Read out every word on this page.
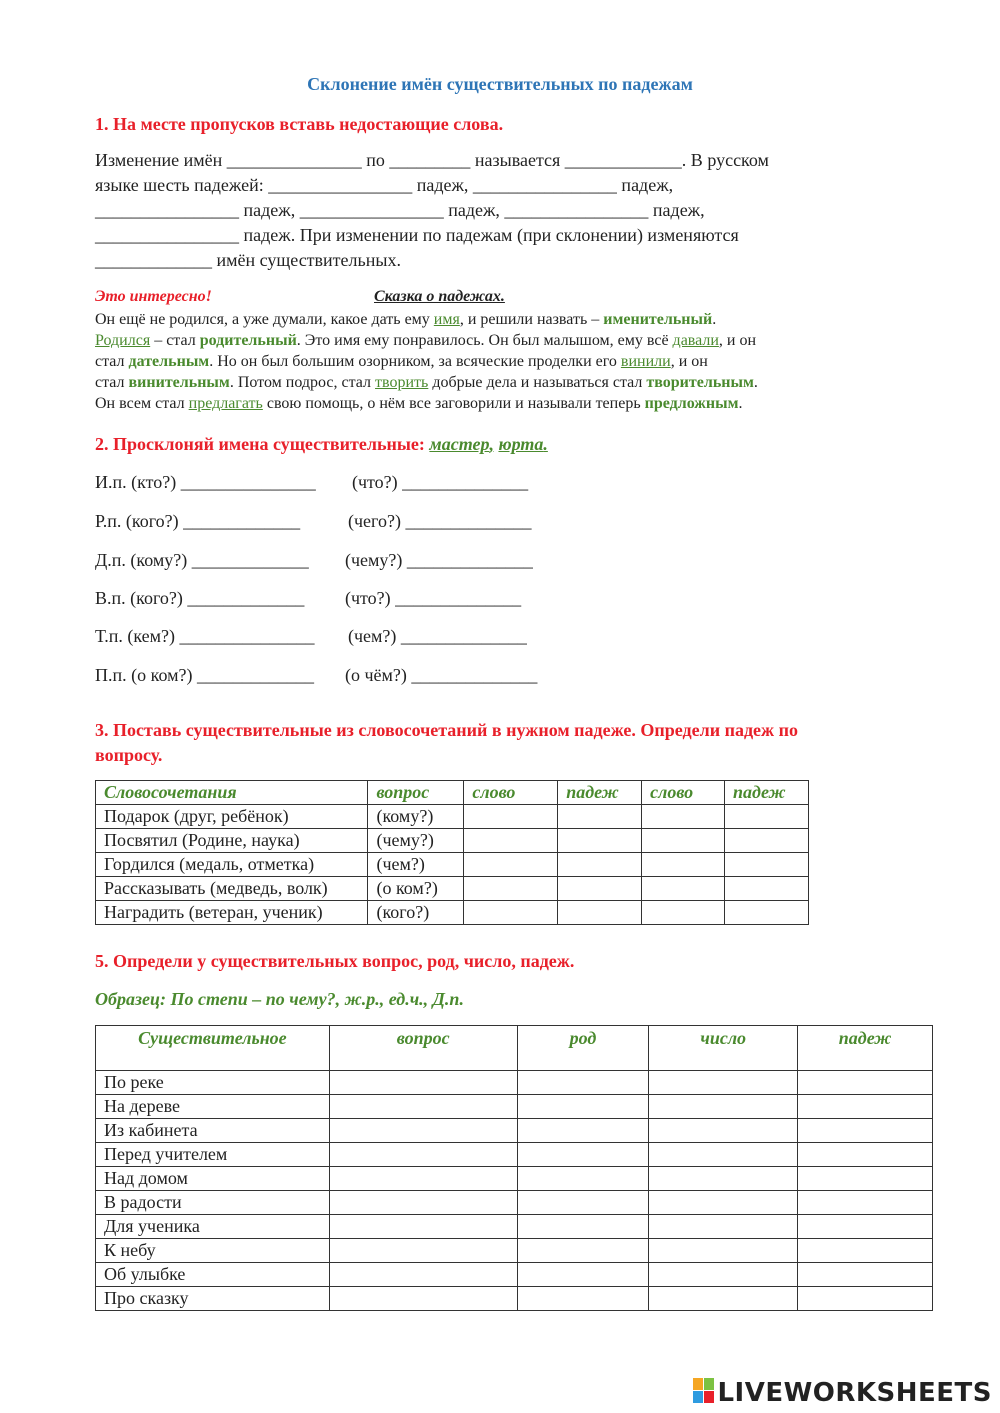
Склонение имён существительных по падежам
1. На месте пропусков вставь недостающие слова.
Изменение имён _______________ по _________ называется _____________. В русском
языке шесть падежей: ________________ падеж, ________________ падеж,
________________ падеж, ________________ падеж, ________________ падеж,
________________ падеж. При изменении по падежам (при склонении) изменяются
_____________ имён существительных.
Это интересно!	Сказка о падежах.
Он ещё не родился, а уже думали, какое дать ему имя, и решили назвать – именительный.
Родился – стал родительный. Это имя ему понравилось. Он был малышом, ему всё давали, и он
стал дательным. Но он был большим озорником, за всяческие проделки его винили, и он
стал винительным. Потом подрос, стал творить добрые дела и называться стал творительным.
Он всем стал предлагать свою помощь, о нём все заговорили и называли теперь предложным.
2. Просклоняй имена существительные: мастер, юрта.
И.п. (кто?) _______________ (что?) ______________
Р.п. (кого?) _____________	(чего?) ______________
Д.п. (кому?) _____________ (чему?) ______________
В.п. (кого?) _____________ (что?) ______________
Т.п. (кем?) _______________ (чем?) ______________
П.п. (о ком?) _____________ (о чём?) ______________
3. Поставь существительные из словосочетаний в нужном падеже. Определи падеж по
вопросу.
Словосочетания	вопрос	слово	падеж	слово	падеж
Подарок (друг, ребёнок)	(кому?)				
Посвятил (Родине, наука)	(чему?)				
Гордился (медаль, отметка)	(чем?)				
Рассказывать (медведь, волк)	(о ком?)				
Наградить (ветеран, ученик)	(кого?)				
5. Определи у существительных вопрос, род, число, падеж.
Образец: По степи – по чему?, ж.р., ед.ч., Д.п.
Существительное	вопрос	род	число	падеж
По реке				
На дереве				
Из кабинета				
Перед учителем				
Над домом				
В радости				
Для ученика				
К небу				
Об улыбке				
Про сказку				
LIVEWORKSHEETS
